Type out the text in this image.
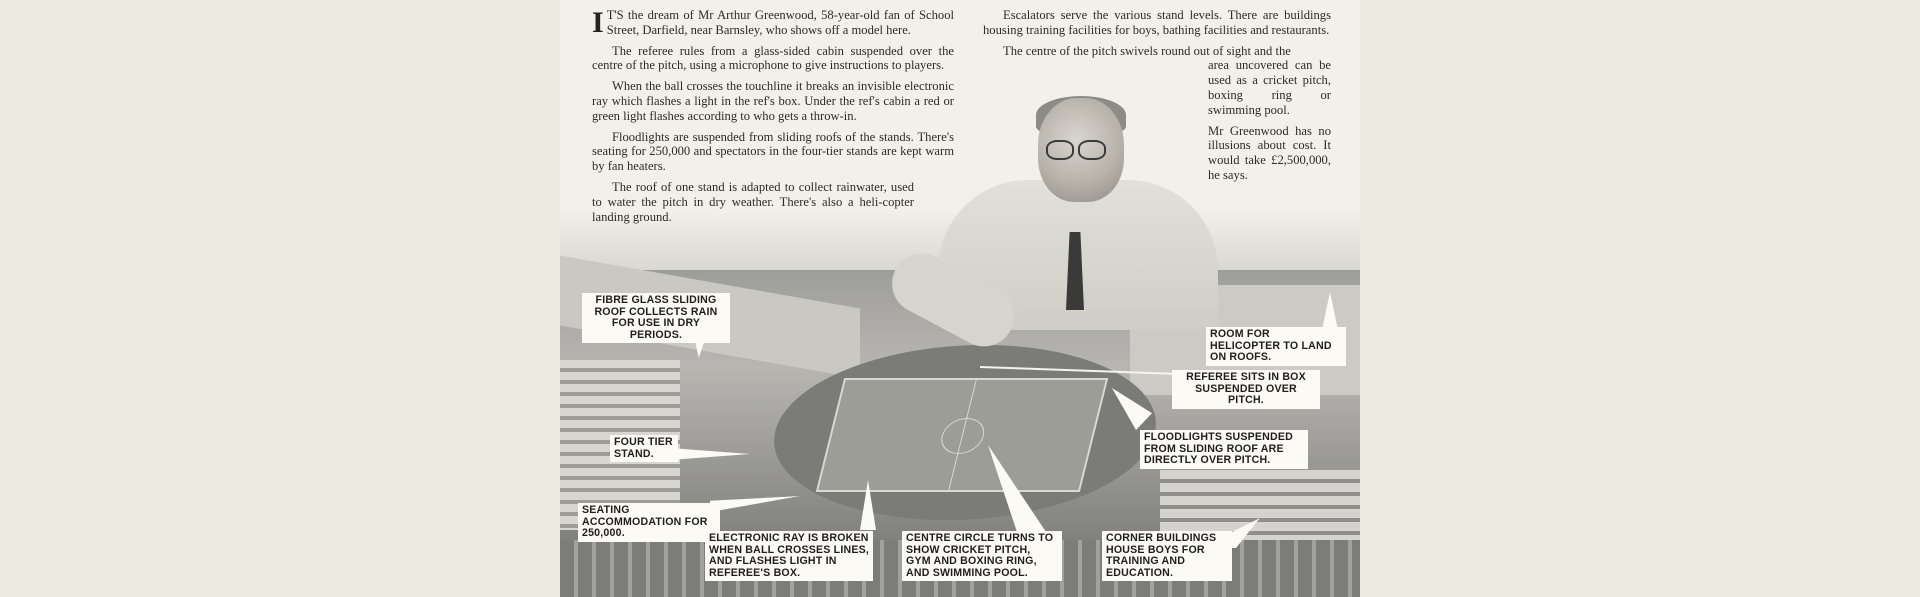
I T'S the dream of Mr Arthur Greenwood, 58-year-old fan of School Street, Darfield, near Barnsley, who shows off a model here.

The referee rules from a glass-sided cabin suspended over the centre of the pitch, using a microphone to give instructions to players.

When the ball crosses the touchline it breaks an invisible electronic ray which flashes a light in the ref's box. Under the ref's cabin a red or green light flashes according to who gets a throw-in.

Floodlights are suspended from sliding roofs of the stands. There's seating for 250,000 and spectators in the four-tier stands are kept warm by fan heaters.

The roof of one stand is adapted to collect rainwater, used to water the pitch in dry weather. There's also a heli-copter landing ground.

Escalators serve the various stand levels. There are buildings housing training facilities for boys, bathing facilities and restaurants.

The centre of the pitch swivels round out of sight and the
area uncovered can be used as a cricket pitch, boxing ring or swimming pool.

Mr Greenwood has no illusions about cost. It would take £2,500,000, he says.

FIBRE GLASS SLIDING ROOF COLLECTS RAIN FOR USE IN DRY PERIODS.	ROOM FOR HELICOPTER TO LAND ON ROOFS.
REFEREE SITS IN BOX SUSPENDED OVER PITCH.
FOUR TIER STAND.
FLOODLIGHTS SUSPENDED FROM SLIDING ROOF ARE DIRECTLY OVER PITCH.
SEATING ACCOMMODATION FOR 250,000.	ELECTRONIC RAY IS BROKEN WHEN BALL CROSSES LINES, AND FLASHES LIGHT IN REFEREE'S BOX.
CENTRE CIRCLE TURNS TO SHOW CRICKET PITCH, GYM AND BOXING RING, AND SWIMMING POOL.
CORNER BUILDINGS HOUSE BOYS FOR TRAINING AND EDUCATION.
